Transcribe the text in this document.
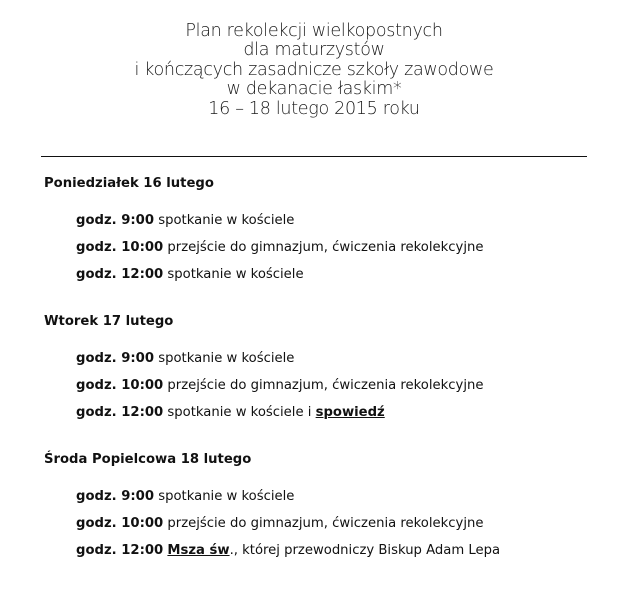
Plan rekolekcji wielkopostnych
dla maturzystów
i kończących zasadnicze szkoły zawodowe
w dekanacie łaskim*
16 – 18 lutego 2015 roku
Poniedziałek 16 lutego
godz. 9:00 spotkanie w kościele
godz. 10:00 przejście do gimnazjum, ćwiczenia rekolekcyjne
godz. 12:00 spotkanie w kościele
Wtorek 17 lutego
godz. 9:00 spotkanie w kościele
godz. 10:00 przejście do gimnazjum, ćwiczenia rekolekcyjne
godz. 12:00 spotkanie w kościele i spowiedź
Środa Popielcowa 18 lutego
godz. 9:00 spotkanie w kościele
godz. 10:00 przejście do gimnazjum, ćwiczenia rekolekcyjne
godz. 12:00 Msza św., której przewodniczy Biskup Adam Lepa
